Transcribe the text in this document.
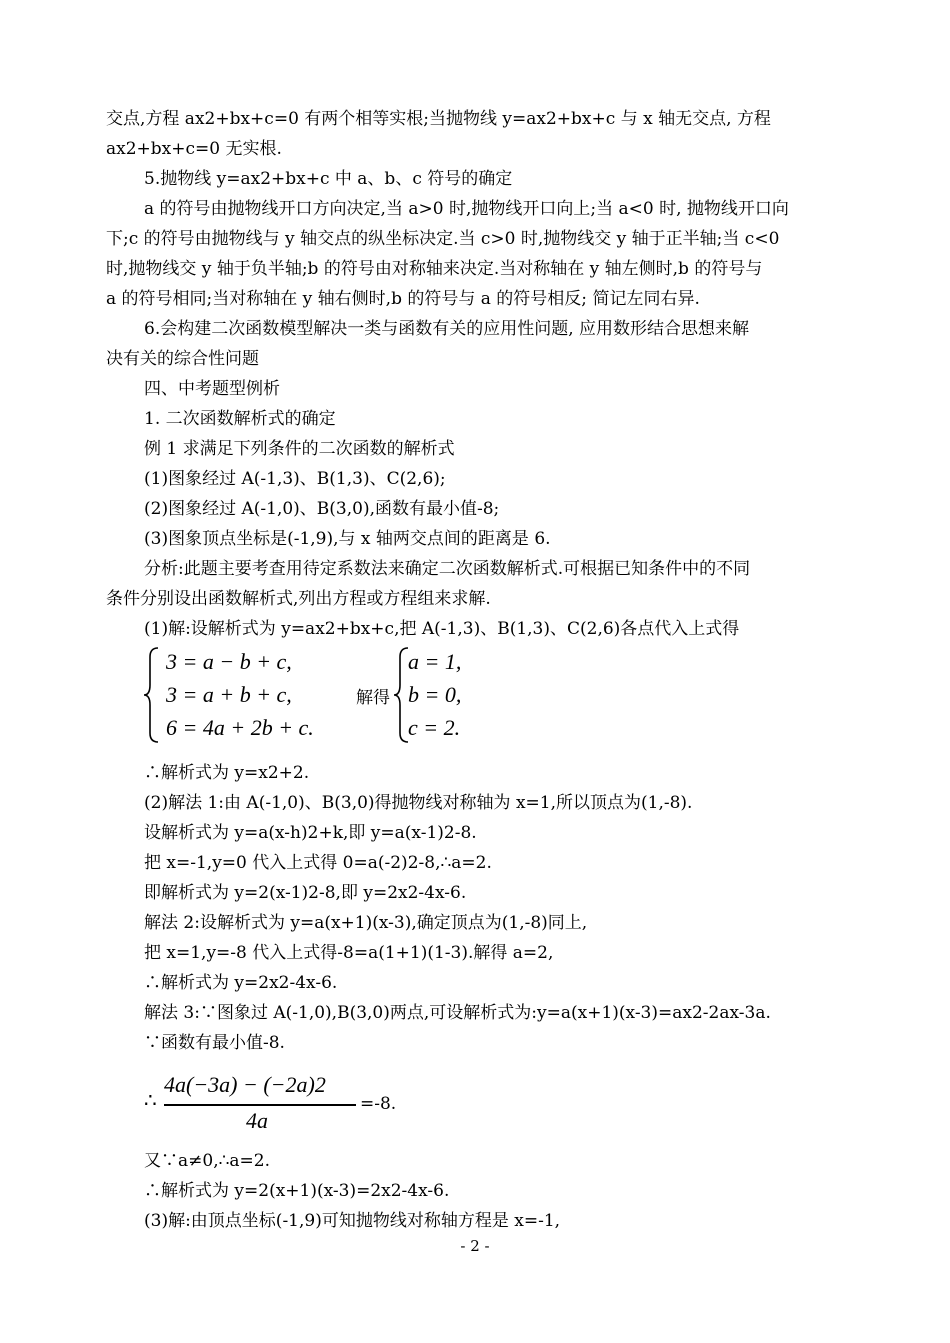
交点,方程 ax2+bx+c=0 有两个相等实根;当抛物线 y=ax2+bx+c 与 x 轴无交点, 方程
ax2+bx+c=0 无实根.
5.抛物线 y=ax2+bx+c 中 a、b、c 符号的确定
a 的符号由抛物线开口方向决定,当 a>0 时,抛物线开口向上;当 a<0 时, 抛物线开口向
下;c 的符号由抛物线与 y 轴交点的纵坐标决定.当 c>0 时,抛物线交 y 轴于正半轴;当 c<0
时,抛物线交 y 轴于负半轴;b 的符号由对称轴来决定.当对称轴在 y 轴左侧时,b 的符号与
a 的符号相同;当对称轴在 y 轴右侧时,b 的符号与 a 的符号相反; 简记左同右异.
6.会构建二次函数模型解决一类与函数有关的应用性问题, 应用数形结合思想来解
决有关的综合性问题
四、中考题型例析
1. 二次函数解析式的确定
例 1 求满足下列条件的二次函数的解析式
(1)图象经过 A(-1,3)、B(1,3)、C(2,6);
(2)图象经过 A(-1,0)、B(3,0),函数有最小值-8;
(3)图象顶点坐标是(-1,9),与 x 轴两交点间的距离是 6.
分析:此题主要考查用待定系数法来确定二次函数解析式.可根据已知条件中的不同
条件分别设出函数解析式,列出方程或方程组来求解.
(1)解:设解析式为 y=ax2+bx+c,把 A(-1,3)、B(1,3)、C(2,6)各点代入上式得
3 = a − b + c,
3 = a + b + c,
6 = 4a + 2b + c.
解得
a = 1,
b = 0,
c = 2.
∴解析式为 y=x2+2.
(2)解法 1:由 A(-1,0)、B(3,0)得抛物线对称轴为 x=1,所以顶点为(1,-8).
设解析式为 y=a(x-h)2+k,即 y=a(x-1)2-8.
把 x=-1,y=0 代入上式得 0=a(-2)2-8,∴a=2.
即解析式为 y=2(x-1)2-8,即 y=2x2-4x-6.
解法 2:设解析式为 y=a(x+1)(x-3),确定顶点为(1,-8)同上,
把 x=1,y=-8 代入上式得-8=a(1+1)(1-3).解得 a=2,
∴解析式为 y=2x2-4x-6.
解法 3:∵图象过 A(-1,0),B(3,0)两点,可设解析式为:y=a(x+1)(x-3)=ax2-2ax-3a.
∵函数有最小值-8.
∴
4a(−3a) − (−2a)2
4a
=-8.
又∵a≠0,∴a=2.
∴解析式为 y=2(x+1)(x-3)=2x2-4x-6.
(3)解:由顶点坐标(-1,9)可知抛物线对称轴方程是 x=-1,
- 2 -
